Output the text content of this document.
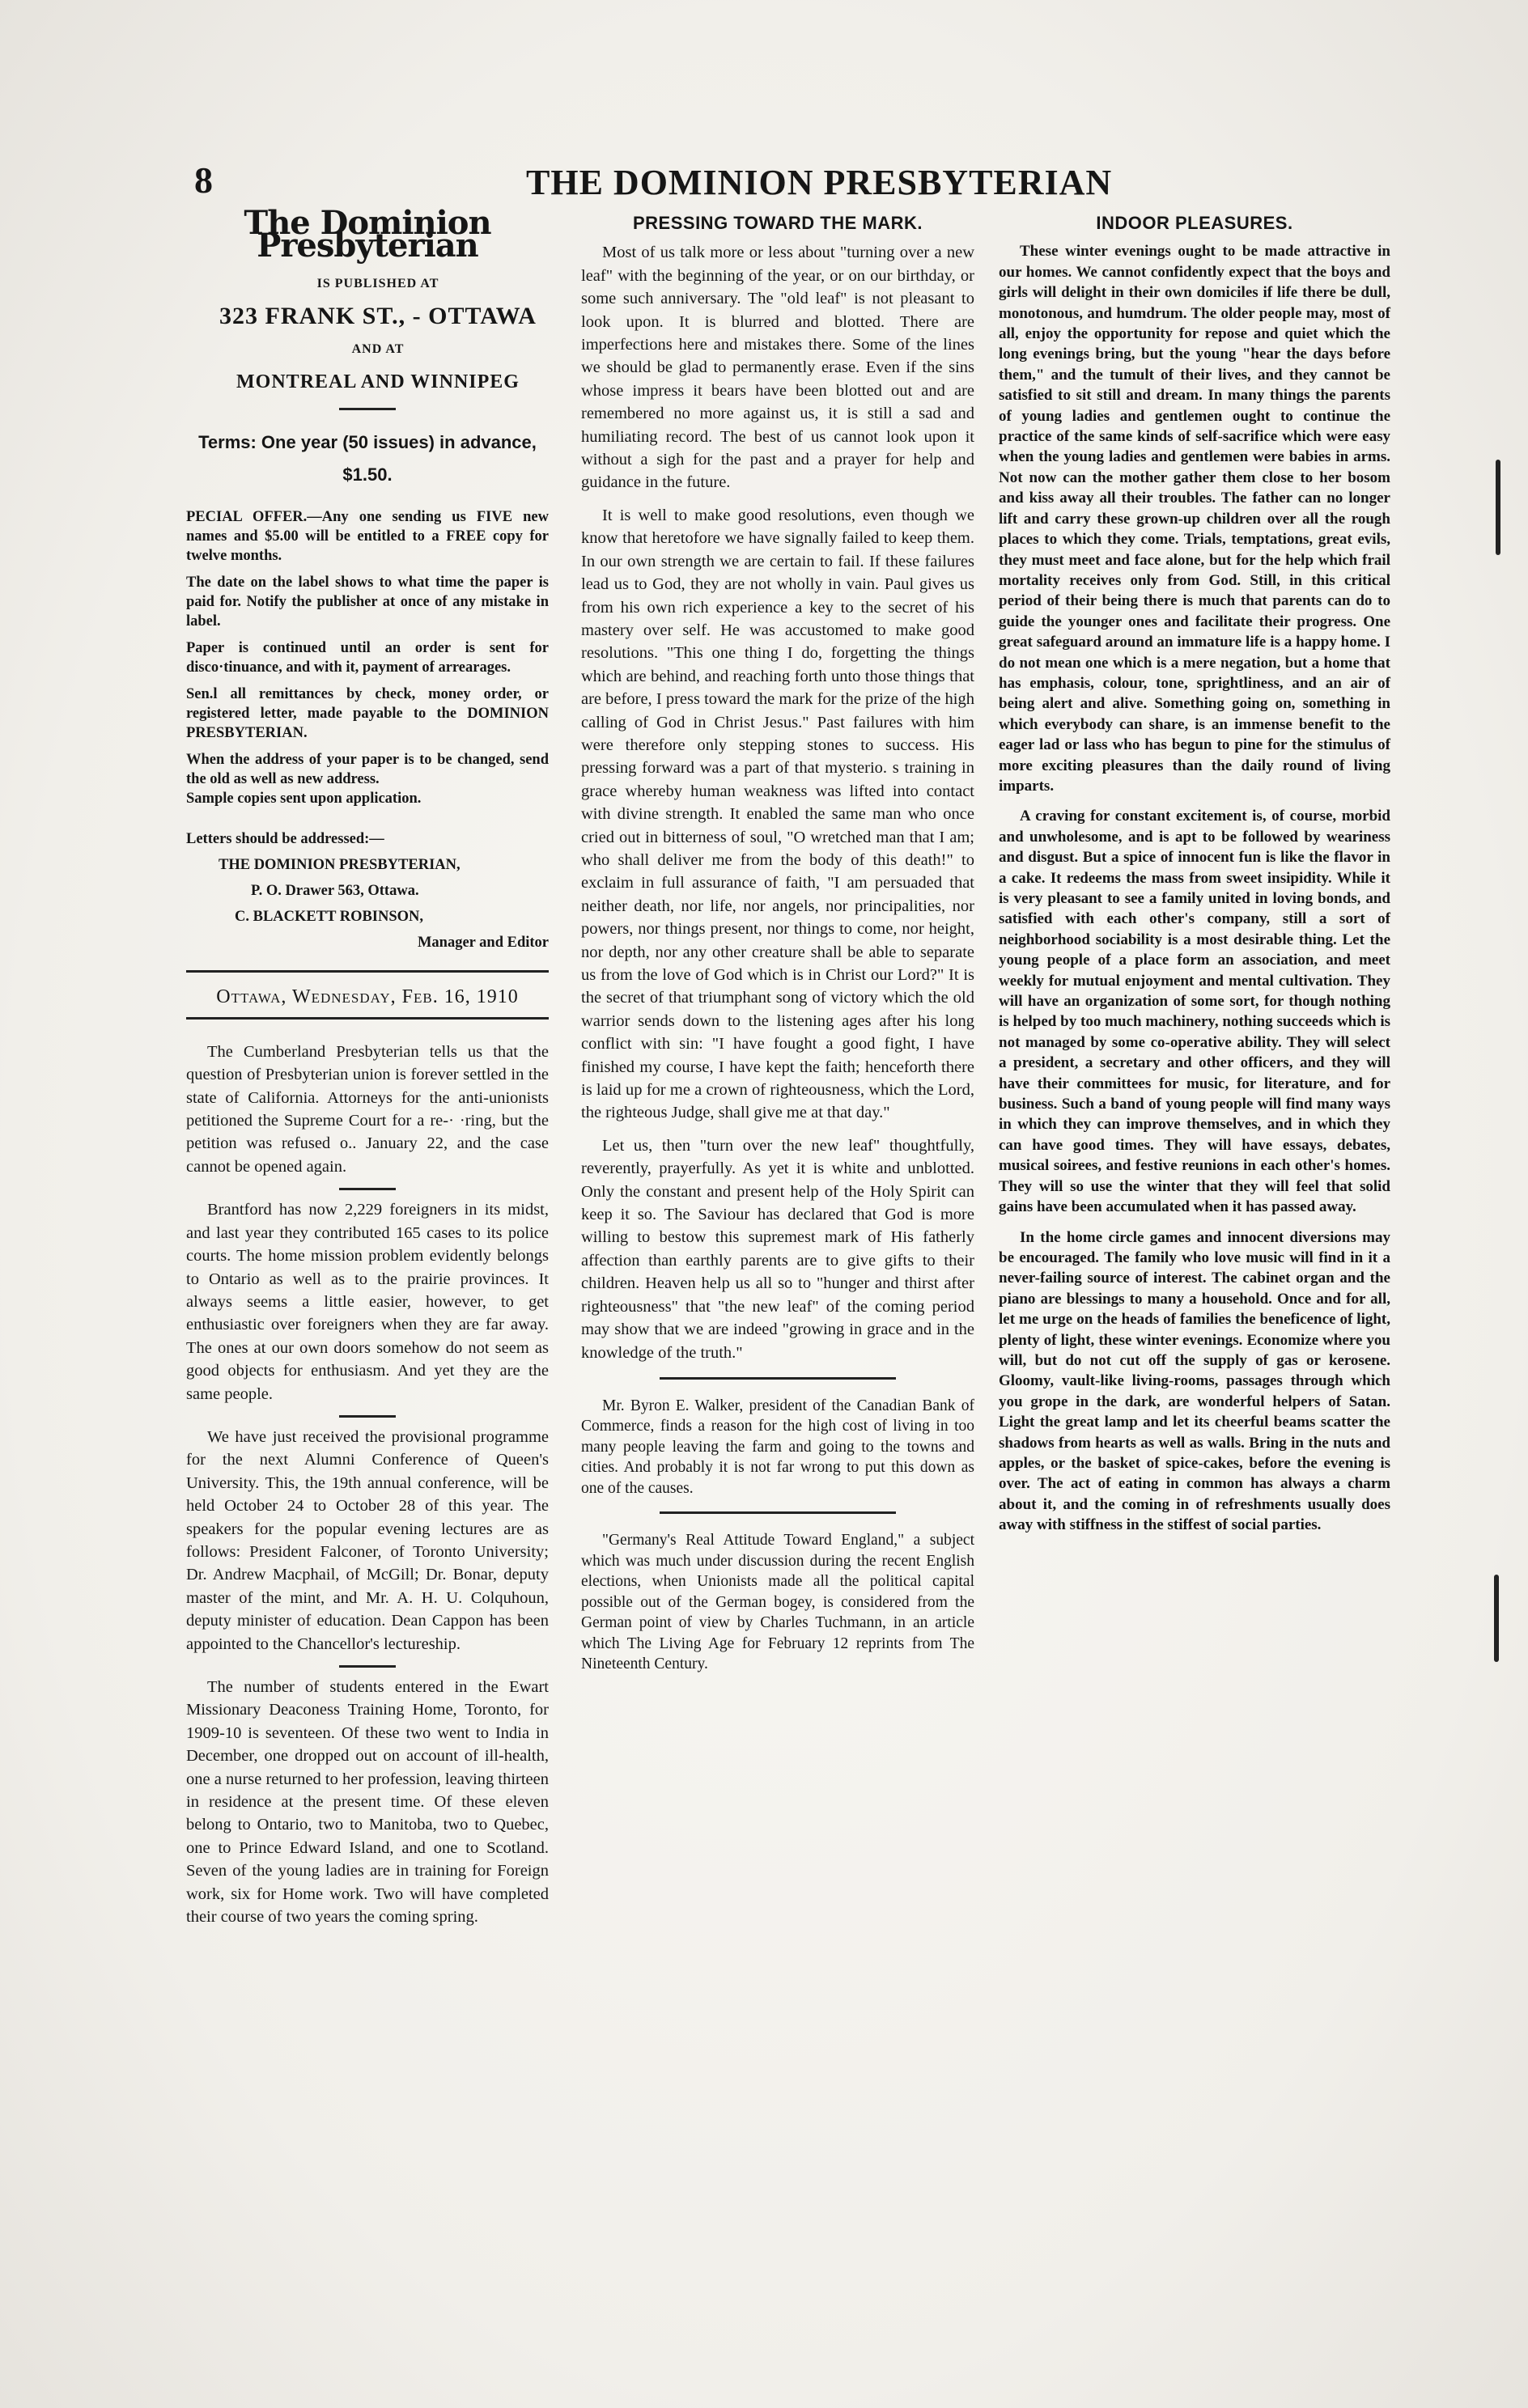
8	THE DOMINION PRESBYTERIAN
The Dominion Presbyterian

IS PUBLISHED AT

323 FRANK ST., - OTTAWA

AND AT

MONTREAL AND WINNIPEG

Terms: One year (50 issues) in advance, $1.50.

PECIAL OFFER.—Any one sending us FIVE new names and $5.00 will be entitled to a FREE copy for twelve months.

The date on the label shows to what time the paper is paid for. Notify the publisher at once of any mistake in label.

Paper is continued until an order is sent for disco·tinuance, and with it, payment of arrearages.

Sen.l all remittances by check, money order, or registered letter, made payable to the DOMINION PRESBYTERIAN.

When the address of your paper is to be changed, send the old as well as new address.

Sample copies sent upon application.

Letters should be addressed:—
THE DOMINION PRESBYTERIAN,
P. O. Drawer 563, Ottawa.
C. BLACKETT ROBINSON,
Manager and Editor
Ottawa, Wednesday, Feb. 16, 1910

The Cumberland Presbyterian tells us that the question of Presbyterian union is forever settled in the state of California. Attorneys for the anti-unionists petitioned the Supreme Court for a re-· ·ring, but the petition was refused o.. January 22, and the case cannot be opened again.

Brantford has now 2,229 foreigners in its midst, and last year they contributed 165 cases to its police courts. The home mission problem evidently belongs to Ontario as well as to the prairie provinces. It always seems a little easier, however, to get enthusiastic over foreigners when they are far away. The ones at our own doors somehow do not seem as good objects for enthusiasm. And yet they are the same people.

We have just received the provisional programme for the next Alumni Conference of Queen's University. This, the 19th annual conference, will be held October 24 to October 28 of this year. The speakers for the popular evening lectures are as follows: President Falconer, of Toronto University; Dr. Andrew Macphail, of McGill; Dr. Bonar, deputy master of the mint, and Mr. A. H. U. Colquhoun, deputy minister of education. Dean Cappon has been appointed to the Chancellor's lectureship.

The number of students entered in the Ewart Missionary Deaconess Training Home, Toronto, for 1909-10 is seventeen. Of these two went to India in December, one dropped out on account of ill-health, one a nurse returned to her profession, leaving thirteen in residence at the present time. Of these eleven belong to Ontario, two to Manitoba, two to Quebec, one to Prince Edward Island, and one to Scotland. Seven of the young ladies are in training for Foreign work, six for Home work. Two will have completed their course of two years the coming spring.

PRESSING TOWARD THE MARK.

Most of us talk more or less about "turning over a new leaf" with the beginning of the year, or on our birthday, or some such anniversary. The "old leaf" is not pleasant to look upon. It is blurred and blotted. There are imperfections here and mistakes there. Some of the lines we should be glad to permanently erase. Even if the sins whose impress it bears have been blotted out and are remembered no more against us, it is still a sad and humiliating record. The best of us cannot look upon it without a sigh for the past and a prayer for help and guidance in the future.

It is well to make good resolutions, even though we know that heretofore we have signally failed to keep them. In our own strength we are certain to fail. If these failures lead us to God, they are not wholly in vain. Paul gives us from his own rich experience a key to the secret of his mastery over self. He was accustomed to make good resolutions. "This one thing I do, forgetting the things which are behind, and reaching forth unto those things that are before, I press toward the mark for the prize of the high calling of God in Christ Jesus." Past failures with him were therefore only stepping stones to success. His pressing forward was a part of that mysterio. s training in grace whereby human weakness was lifted into contact with divine strength. It enabled the same man who once cried out in bitterness of soul, "O wretched man that I am; who shall deliver me from the body of this death!" to exclaim in full assurance of faith, "I am persuaded that neither death, nor life, nor angels, nor principalities, nor powers, nor things present, nor things to come, nor height, nor depth, nor any other creature shall be able to separate us from the love of God which is in Christ our Lord?" It is the secret of that triumphant song of victory which the old warrior sends down to the listening ages after his long conflict with sin: "I have fought a good fight, I have finished my course, I have kept the faith; henceforth there is laid up for me a crown of righteousness, which the Lord, the righteous Judge, shall give me at that day."

Let us, then "turn over the new leaf" thoughtfully, reverently, prayerfully. As yet it is white and unblotted. Only the constant and present help of the Holy Spirit can keep it so. The Saviour has declared that God is more willing to bestow this supremest mark of His fatherly affection than earthly parents are to give gifts to their children. Heaven help us all so to "hunger and thirst after righteousness" that "the new leaf" of the coming period may show that we are indeed "growing in grace and in the knowledge of the truth."

Mr. Byron E. Walker, president of the Canadian Bank of Commerce, finds a reason for the high cost of living in too many people leaving the farm and going to the towns and cities. And probably it is not far wrong to put this down as one of the causes.

"Germany's Real Attitude Toward England," a subject which was much under discussion during the recent English elections, when Unionists made all the political capital possible out of the German bogey, is considered from the German point of view by Charles Tuchmann, in an article which The Living Age for February 12 reprints from The Nineteenth Century.

INDOOR PLEASURES.

These winter evenings ought to be made attractive in our homes. We cannot confidently expect that the boys and girls will delight in their own domiciles if life there be dull, monotonous, and humdrum. The older people may, most of all, enjoy the opportunity for repose and quiet which the long evenings bring, but the young "hear the days before them," and the tumult of their lives, and they cannot be satisfied to sit still and dream. In many things the parents of young ladies and gentlemen ought to continue the practice of the same kinds of self-sacrifice which were easy when the young ladies and gentlemen were babies in arms. Not now can the mother gather them close to her bosom and kiss away all their troubles. The father can no longer lift and carry these grown-up children over all the rough places to which they come. Trials, temptations, great evils, they must meet and face alone, but for the help which frail mortality receives only from God. Still, in this critical period of their being there is much that parents can do to guide the younger ones and facilitate their progress. One great safeguard around an immature life is a happy home. I do not mean one which is a mere negation, but a home that has emphasis, colour, tone, sprightliness, and an air of being alert and alive. Something going on, something in which everybody can share, is an immense benefit to the eager lad or lass who has begun to pine for the stimulus of more exciting pleasures than the daily round of living imparts.

A craving for constant excitement is, of course, morbid and unwholesome, and is apt to be followed by weariness and disgust. But a spice of innocent fun is like the flavor in a cake. It redeems the mass from sweet insipidity. While it is very pleasant to see a family united in loving bonds, and satisfied with each other's company, still a sort of neighborhood sociability is a most desirable thing. Let the young people of a place form an association, and meet weekly for mutual enjoyment and mental cultivation. They will have an organization of some sort, for though nothing is helped by too much machinery, nothing succeeds which is not managed by some co-operative ability. They will select a president, a secretary and other officers, and they will have their committees for music, for literature, and for business. Such a band of young people will find many ways in which they can improve themselves, and in which they can have good times. They will have essays, debates, musical soirees, and festive reunions in each other's homes. They will so use the winter that they will feel that solid gains have been accumulated when it has passed away.

In the home circle games and innocent diversions may be encouraged. The family who love music will find in it a never-failing source of interest. The cabinet organ and the piano are blessings to many a household. Once and for all, let me urge on the heads of families the beneficence of light, plenty of light, these winter evenings. Economize where you will, but do not cut off the supply of gas or kerosene. Gloomy, vault-like living-rooms, passages through which you grope in the dark, are wonderful helpers of Satan. Light the great lamp and let its cheerful beams scatter the shadows from hearts as well as walls. Bring in the nuts and apples, or the basket of spice-cakes, before the evening is over. The act of eating in common has always a charm about it, and the coming in of refreshments usually does away with stiffness in the stiffest of social parties.
